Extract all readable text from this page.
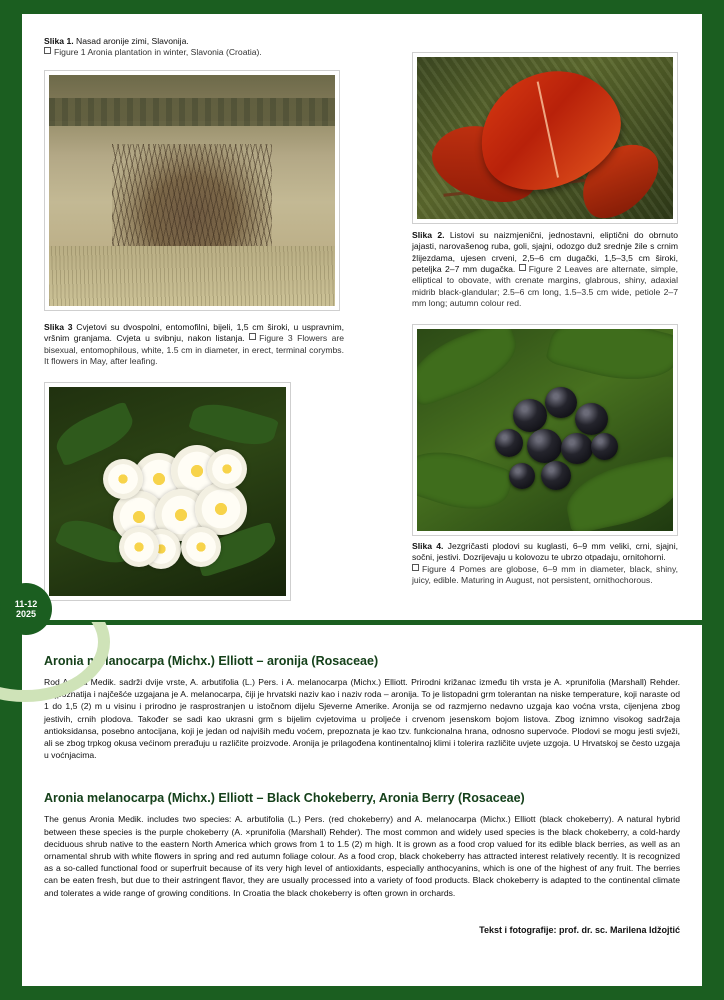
Slika 1. Nasad aronije zimi, Slavonija.
Figure 1 Aronia plantation in winter, Slavonia (Croatia).
Slika 2. Listovi su naizmjenični, jednostavni, eliptični do obrnuto jajasti, narovašenog ruba, goli, sjajni, odozgo duž srednje žile s crnim žlijezdama, ujesen crveni, 2,5–6 cm dugački, 1,5–3,5 cm široki, peteljka 2–7 mm dugačka. Figure 2 Leaves are alternate, simple, elliptical to obovate, with crenate margins, glabrous, shiny, adaxial midrib black-glandular; 2.5–6 cm long, 1.5–3.5 cm wide, petiole 2–7 mm long; autumn colour red.
Slika 3 Cvjetovi su dvospolni, entomofilni, bijeli, 1,5 cm široki, u uspravnim, vršnim granjama. Cvjeta u svibnju, nakon listanja. Figure 3 Flowers are bisexual, entomophilous, white, 1.5 cm in diameter, in erect, terminal corymbs. It flowers in May, after leafing.
Slika 4. Jezgričasti plodovi su kuglasti, 6–9 mm veliki, crni, sjajni, sočni, jestivi. Dozrijevaju u kolovozu te ubrzo otpadaju, ornitohorni.
Figure 4 Pomes are globose, 6–9 mm in diameter, black, shiny, juicy, edible. Maturing in August, not persistent, ornithochorous.
11-12
2025
Aronia melanocarpa (Michx.) Elliott – aronija (Rosaceae)

Rod Aronia Medik. sadrži dvije vrste, A. arbutifolia (L.) Pers. i A. melanocarpa (Michx.) Elliott. Prirodni križanac između tih vrsta je A. ×prunifolia (Marshall) Rehder. Najpoznatija i najčešće uzgajana je A. melanocarpa, čiji je hrvatski naziv kao i naziv roda – aronija. To je listopadni grm tolerantan na niske temperature, koji naraste od 1 do 1,5 (2) m u visinu i prirodno je rasprostranjen u istočnom dijelu Sjeverne Amerike. Aronija se od razmjerno nedavno uzgaja kao voćna vrsta, cijenjena zbog jestivih, crnih plodova. Također se sadi kao ukrasni grm s bijelim cvjetovima u proljeće i crvenom jesenskom bojom listova. Zbog iznimno visokog sadržaja antioksidansa, posebno antocijana, koji je jedan od najviših među voćem, prepoznata je kao tzv. funkcionalna hrana, odnosno supervoće. Plodovi se mogu jesti svježi, ali se zbog trpkog okusa većinom prerađuju u različite proizvode. Aronija je prilagođena kontinentalnoj klimi i tolerira različite uvjete uzgoja. U Hrvatskoj se često uzgaja u voćnjacima.

Aronia melanocarpa (Michx.) Elliott – Black Chokeberry, Aronia Berry (Rosaceae)

The genus Aronia Medik. includes two species: A. arbutifolia (L.) Pers. (red chokeberry) and A. melanocarpa (Michx.) Elliott (black chokeberry). A natural hybrid between these species is the purple chokeberry (A. ×prunifolia (Marshall) Rehder). The most common and widely used species is the black chokeberry, a cold-hardy deciduous shrub native to the eastern North America which grows from 1 to 1.5 (2) m high. It is grown as a food crop valued for its edible black berries, as well as an ornamental shrub with white flowers in spring and red autumn foliage colour. As a food crop, black chokeberry has attracted interest relatively recently. It is recognized as a so-called functional food or superfruit because of its very high level of antioxidants, especially anthocyanins, which is one of the highest of any fruit. The berries can be eaten fresh, but due to their astringent flavor, they are usually processed into a variety of food products. Black chokeberry is adapted to the continental climate and tolerates a wide range of growing conditions. In Croatia the black chokeberry is often grown in orchards.

Tekst i fotografije: prof. dr. sc. Marilena Idžojtić
